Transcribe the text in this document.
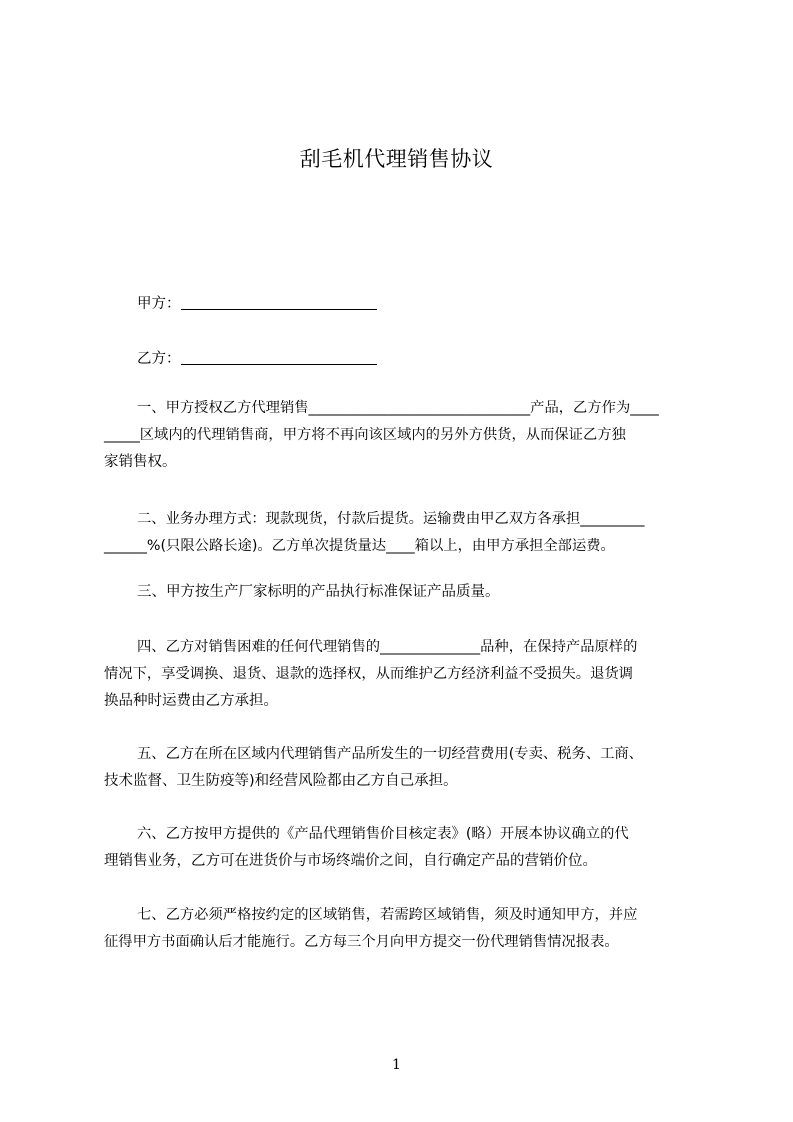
刮毛机代理销售协议
甲方：
乙方：
一、甲方授权乙方代理销售_______________________________产品，乙方作为____
_____区域内的代理销售商，甲方将不再向该区域内的另外方供货，从而保证乙方独
家销售权。
二、业务办理方式：现款现货，付款后提货。运输费由甲乙双方各承担_________
______%(只限公路长途)。乙方单次提货量达____箱以上，由甲方承担全部运费。
三、甲方按生产厂家标明的产品执行标准保证产品质量。
四、乙方对销售困难的任何代理销售的______________品种，在保持产品原样的
情况下，享受调换、退货、退款的选择权，从而维护乙方经济利益不受损失。退货调
换品种时运费由乙方承担。
五、乙方在所在区域内代理销售产品所发生的一切经营费用(专卖、税务、工商、
技术监督、卫生防疫等)和经营风险都由乙方自己承担。
六、乙方按甲方提供的《产品代理销售价目核定表》(略）开展本协议确立的代
理销售业务，乙方可在进货价与市场终端价之间，自行确定产品的营销价位。
七、乙方必须严格按约定的区域销售，若需跨区域销售，须及时通知甲方，并应
征得甲方书面确认后才能施行。乙方每三个月向甲方提交一份代理销售情况报表。
1
